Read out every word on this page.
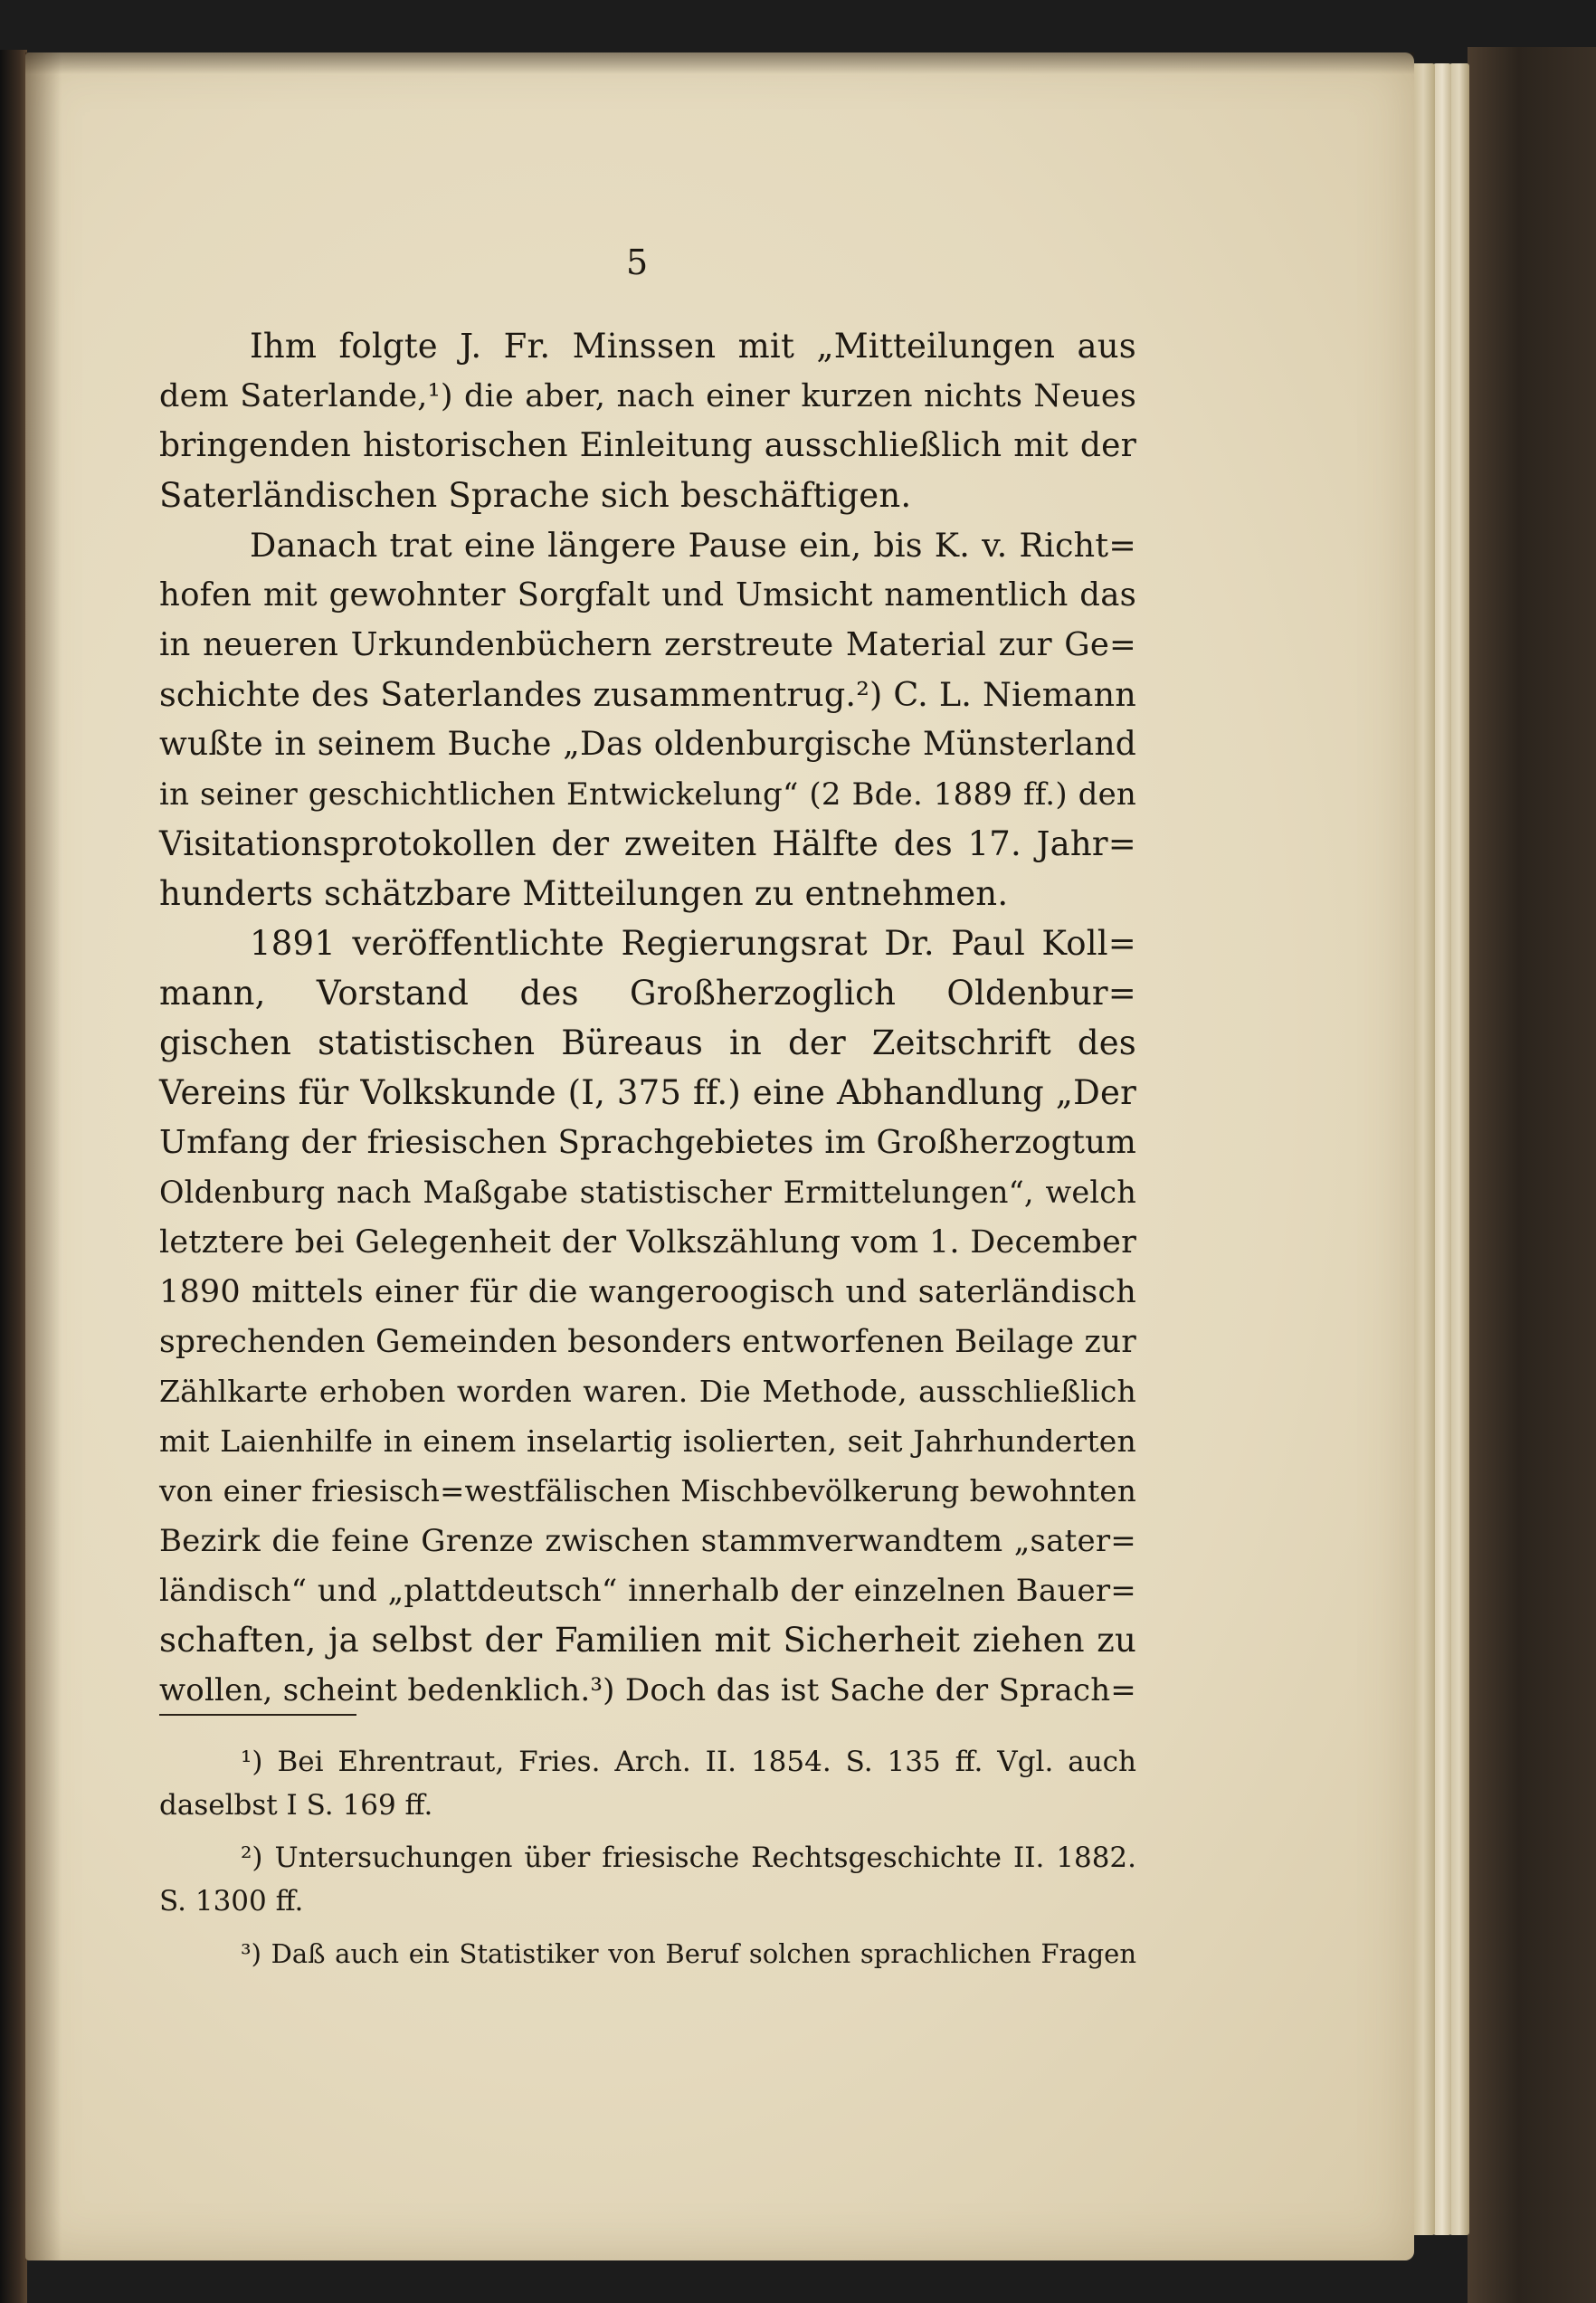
5
Ihm folgte J. Fr. Minssen mit „Mitteilungen aus
dem Saterlande,¹) die aber, nach einer kurzen nichts Neues
bringenden historischen Einleitung ausschließlich mit der
Saterländischen Sprache sich beschäftigen.
Danach trat eine längere Pause ein, bis K. v. Richt=
hofen mit gewohnter Sorgfalt und Umsicht namentlich das
in neueren Urkundenbüchern zerstreute Material zur Ge=
schichte des Saterlandes zusammentrug.²) C. L. Niemann
wußte in seinem Buche „Das oldenburgische Münsterland
in seiner geschichtlichen Entwickelung“ (2 Bde. 1889 ff.) den
Visitationsprotokollen der zweiten Hälfte des 17. Jahr=
hunderts schätzbare Mitteilungen zu entnehmen.
1891 veröffentlichte Regierungsrat Dr. Paul Koll=
mann, Vorstand des Großherzoglich Oldenbur=
gischen statistischen Büreaus in der Zeitschrift des
Vereins für Volkskunde (I, 375 ff.) eine Abhandlung „Der
Umfang der friesischen Sprachgebietes im Großherzogtum
Oldenburg nach Maßgabe statistischer Ermittelungen“, welch
letztere bei Gelegenheit der Volkszählung vom 1. December
1890 mittels einer für die wangeroogisch und saterländisch
sprechenden Gemeinden besonders entworfenen Beilage zur
Zählkarte erhoben worden waren. Die Methode, ausschließlich
mit Laienhilfe in einem inselartig isolierten, seit Jahrhunderten
von einer friesisch=westfälischen Mischbevölkerung bewohnten
Bezirk die feine Grenze zwischen stammverwandtem „sater=
ländisch“ und „plattdeutsch“ innerhalb der einzelnen Bauer=
schaften, ja selbst der Familien mit Sicherheit ziehen zu
wollen, scheint bedenklich.³) Doch das ist Sache der Sprach=
¹) Bei Ehrentraut, Fries. Arch. II. 1854. S. 135 ff. Vgl. auch
daselbst I S. 169 ff.
²) Untersuchungen über friesische Rechtsgeschichte II. 1882.
S. 1300 ff.
³) Daß auch ein Statistiker von Beruf solchen sprachlichen Fragen
